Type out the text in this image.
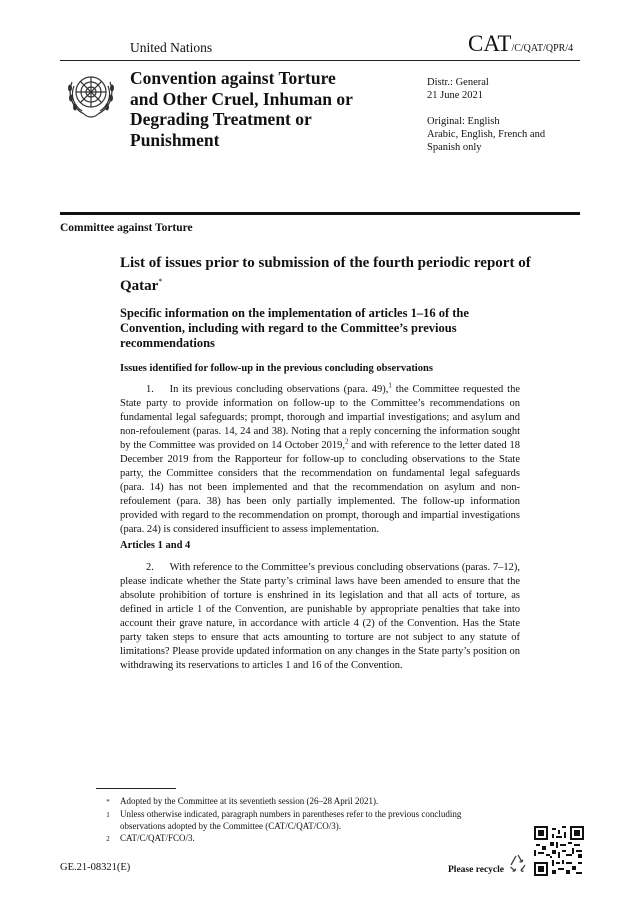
United Nations	CAT/C/QAT/QPR/4
Convention against Torture and Other Cruel, Inhuman or Degrading Treatment or Punishment
Distr.: General
21 June 2021
Original: English
Arabic, English, French and Spanish only
Committee against Torture
List of issues prior to submission of the fourth periodic report of Qatar*
Specific information on the implementation of articles 1–16 of the Convention, including with regard to the Committee’s previous recommendations
Issues identified for follow-up in the previous concluding observations

1.   In its previous concluding observations (para. 49),$^1$ the Committee requested the State party to provide information on follow-up to the Committee’s recommendations on fundamental legal safeguards; prompt, thorough and impartial investigations; and asylum and non-refoulement (paras. 14, 24 and 38). Noting that a reply concerning the information sought by the Committee was provided on 14 October 2019,$^2$ and with reference to the letter dated 18 December 2019 from the Rapporteur for follow-up to concluding observations to the State party, the Committee considers that the recommendation on fundamental legal safeguards (para. 14) has not been implemented and that the recommendation on asylum and non-refoulement (para. 38) has been only partially implemented. The follow-up information provided with regard to the recommendation on prompt, thorough and impartial investigations (para. 24) is considered insufficient to assess implementation.

Articles 1 and 4

2.   With reference to the Committee’s previous concluding observations (paras. 7–12), please indicate whether the State party’s criminal laws have been amended to ensure that the absolute prohibition of torture is enshrined in its legislation and that all acts of torture, as defined in article 1 of the Convention, are punishable by appropriate penalties that take into account their grave nature, in accordance with article 4 (2) of the Convention. Has the State party taken steps to ensure that acts amounting to torture are not subject to any statute of limitations? Please provide updated information on any changes in the State party’s position on withdrawing its reservations to articles 1 and 16 of the Convention.

*	Adopted by the Committee at its seventieth session (26–28 April 2021).
1	Unless otherwise indicated, paragraph numbers in parentheses refer to the previous concluding observations adopted by the Committee (CAT/C/QAT/CO/3).
2	CAT/C/QAT/FCO/3.
GE.21-08321(E)	Please recycle
